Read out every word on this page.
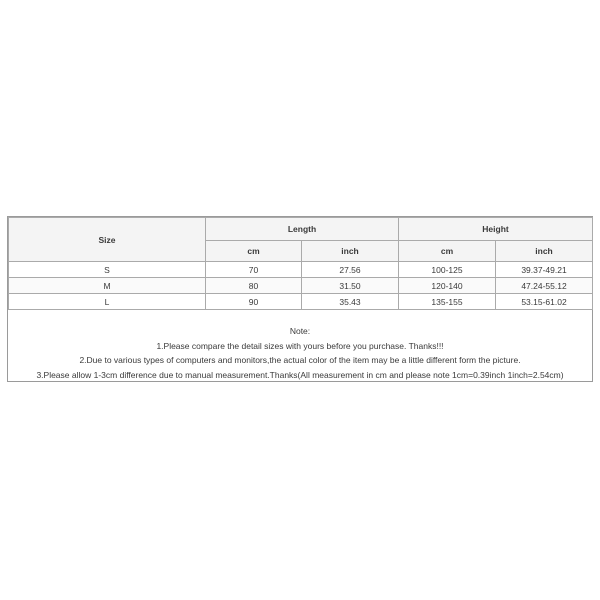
Size	Length		Height	
	cm	inch	cm	inch
S	70	27.56	100-125	39.37-49.21
M	80	31.50	120-140	47.24-55.12
L	90	35.43	135-155	53.15-61.02
Note:
1.Please compare the detail sizes with yours before you purchase. Thanks!!!
2.Due to various types of computers and monitors,the actual color of the item may be a little different form the picture.
3.Please allow 1-3cm difference due to manual measurement.Thanks(All measurement in cm and please note 1cm=0.39inch 1inch=2.54cm)
